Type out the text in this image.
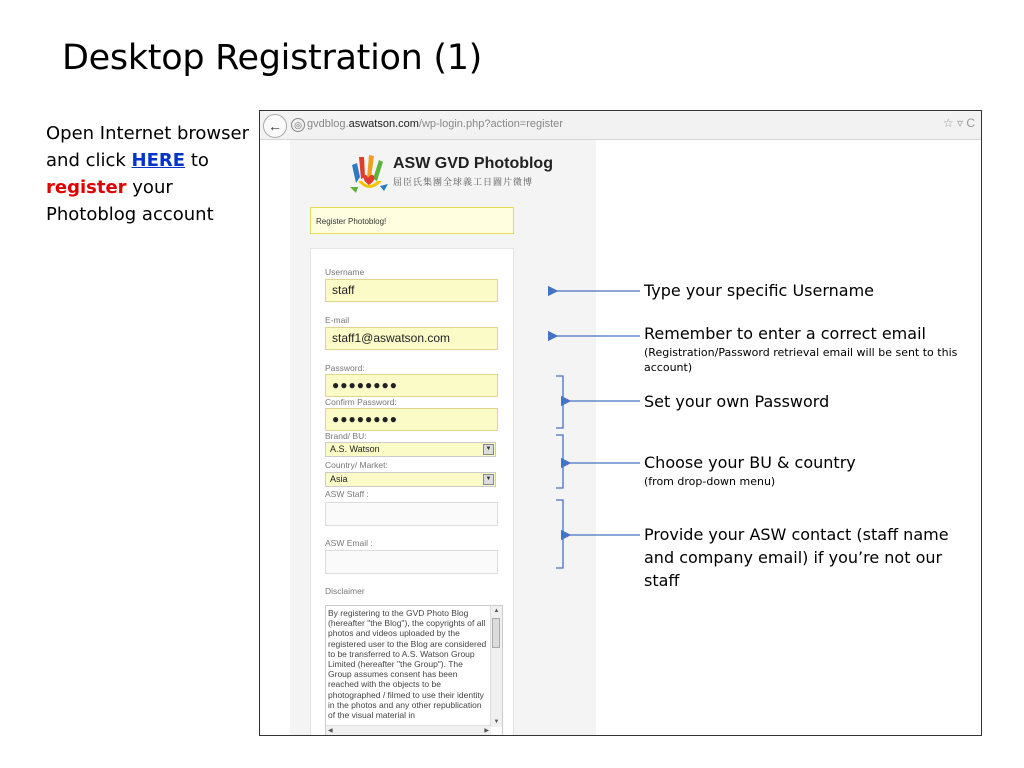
Desktop Registration (1)
Open Internet browser and click HERE to register your Photoblog account
←	◎ gvdblog.aswatson.com/wp-login.php?action=register	☆ ▿ C
ASW GVD Photoblog
屈臣氏集團全球義工日圖片微博
Register Photoblog!
Username
staff
E-mail
staff1@aswatson.com
Password:
●●●●●●●●
Confirm Password:
●●●●●●●●
Brand/ BU:
A.S. Watson	▼
Country/ Market:
Asia	▼
ASW Staff :
ASW Email :
Disclaimer
By registering to the GVD Photo Blog (hereafter "the Blog"), the copyrights of all photos and videos uploaded by the registered user to the Blog are considered to be transferred to A.S. Watson Group Limited (hereafter "the Group"). The Group assumes consent has been reached with the objects to be photographed / filmed to use their identity in the photos and any other republication of the visual material in
▲
▼
◀	▶
Type your specific Username
Remember to enter a correct email
(Registration/Password retrieval email will be sent to this account)
Set your own Password
Choose your BU & country
(from drop-down menu)
Provide your ASW contact (staff name and company email) if you’re not our staff
